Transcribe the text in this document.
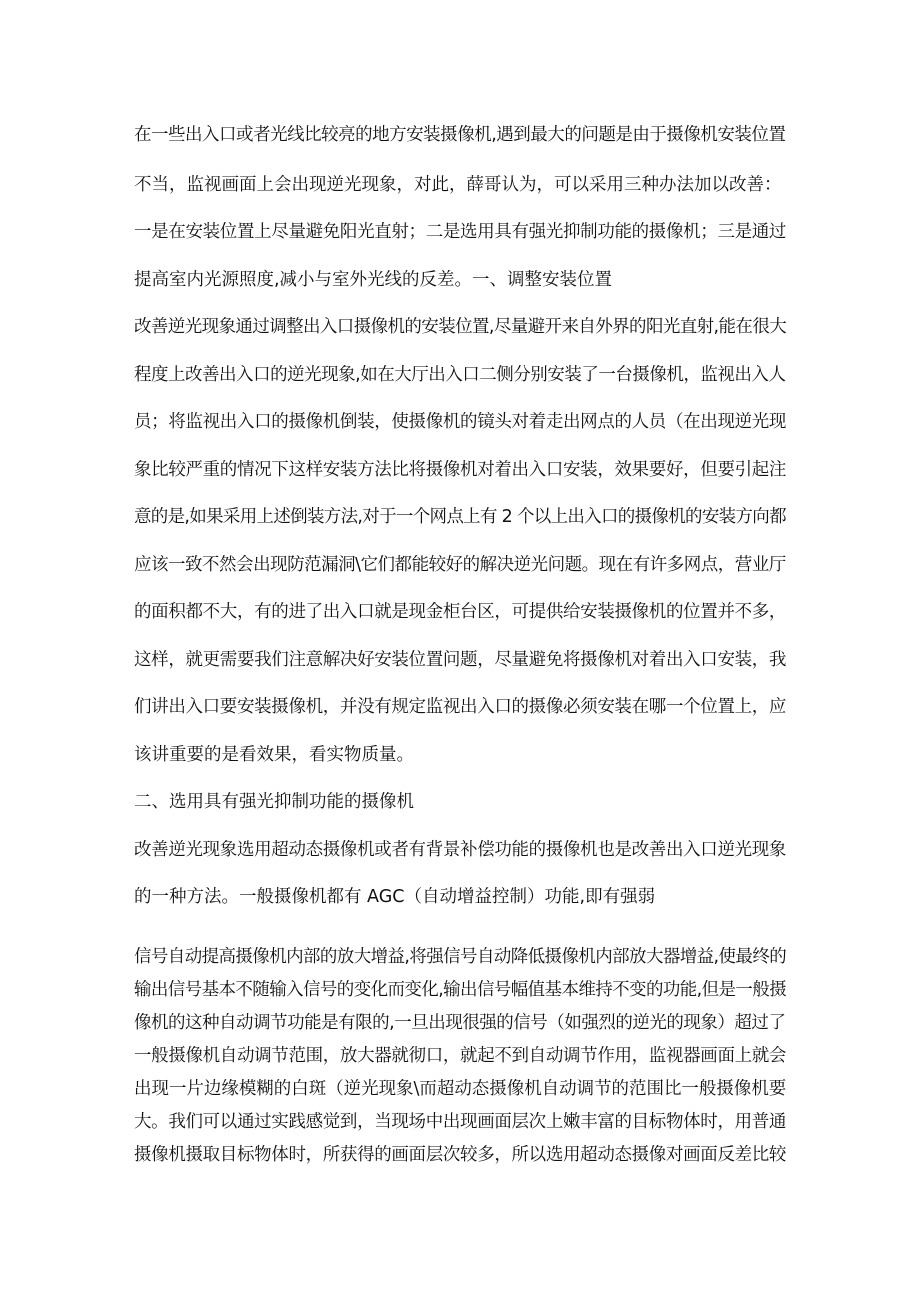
在一些出入口或者光线比较亮的地方安装摄像机,遇到最大的问题是由于摄像机安装位置
不当，监视画面上会出现逆光现象，对此，薛哥认为，可以采用三种办法加以改善：
一是在安装位置上尽量避免阳光直射；二是选用具有强光抑制功能的摄像机；三是通过
提高室内光源照度,减小与室外光线的反差。一、调整安装位置
改善逆光现象通过调整出入口摄像机的安装位置,尽量避开来自外界的阳光直射,能在很大
程度上改善出入口的逆光现象,如在大厅出入口二侧分别安装了一台摄像机，监视出入人
员；将监视出入口的摄像机倒装，使摄像机的镜头对着走出网点的人员（在出现逆光现
象比较严重的情况下这样安装方法比将摄像机对着出入口安装，效果要好，但要引起注
意的是,如果采用上述倒装方法,对于一个网点上有 2 个以上出入口的摄像机的安装方向都
应该一致不然会出现防范漏洞\它们都能较好的解决逆光问题。现在有许多网点，营业厅
的面积都不大，有的进了出入口就是现金柜台区，可提供给安装摄像机的位置并不多，
这样，就更需要我们注意解决好安装位置问题，尽量避免将摄像机对着出入口安装，我
们讲出入口要安装摄像机，并没有规定监视出入口的摄像必须安装在哪一个位置上，应
该讲重要的是看效果，看实物质量。
二、选用具有强光抑制功能的摄像机
改善逆光现象选用超动态摄像机或者有背景补偿功能的摄像机也是改善出入口逆光现象
的一种方法。一般摄像机都有 AGC（自动增益控制）功能,即有强弱
信号自动提高摄像机内部的放大增益,将强信号自动降低摄像机内部放大器增益,使最终的
输出信号基本不随输入信号的变化而变化,输出信号幅值基本维持不变的功能,但是一般摄
像机的这种自动调节功能是有限的,一旦出现很强的信号（如强烈的逆光的现象）超过了
一般摄像机自动调节范围，放大器就彻口，就起不到自动调节作用，监视器画面上就会
出现一片边缘模糊的白斑（逆光现象\而超动态摄像机自动调节的范围比一般摄像机要
大。我们可以通过实践感觉到，当现场中出现画面层次上嫩丰富的目标物体时，用普通
摄像机摄取目标物体时，所获得的画面层次较多，所以选用超动态摄像对画面反差比较
